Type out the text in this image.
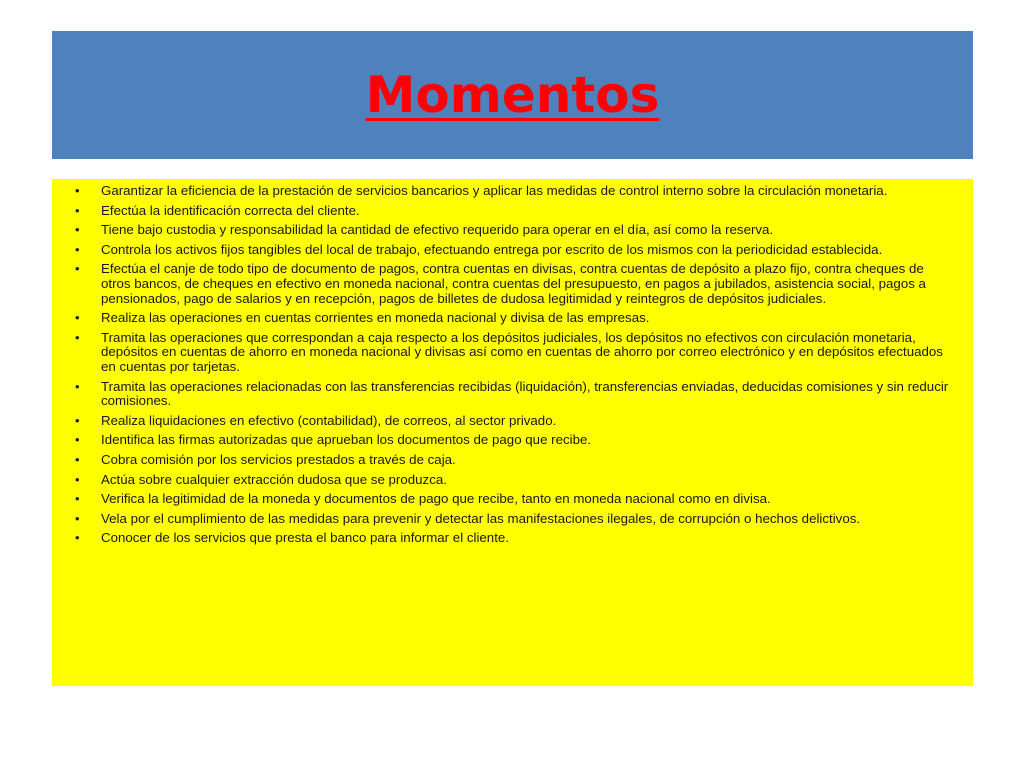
Momentos
• Garantizar la eficiencia de la prestación de servicios bancarios y aplicar las medidas de control interno sobre la circulación monetaria.
• Efectúa la identificación correcta del cliente.
• Tiene bajo custodia y responsabilidad la cantidad de efectivo requerido para operar en el día, así como la reserva.
• Controla los activos fijos tangibles del local de trabajo, efectuando entrega por escrito de los mismos con la periodicidad establecida.
• Efectúa el canje de todo tipo de documento de pagos, contra cuentas en divisas, contra cuentas de depósito a plazo fijo, contra cheques de otros bancos, de cheques en efectivo en moneda nacional, contra cuentas del presupuesto, en pagos a jubilados, asistencia social, pagos a pensionados, pago de salarios y en recepción, pagos de billetes de dudosa legitimidad y reintegros de depósitos judiciales.
• Realiza las operaciones en cuentas corrientes en moneda nacional y divisa de las empresas.
• Tramita las operaciones que correspondan a caja respecto a los depósitos judiciales, los depósitos no efectivos con circulación monetaria, depósitos en cuentas de ahorro en moneda nacional y divisas así como en cuentas de ahorro por correo electrónico y en depósitos efectuados en cuentas por tarjetas.
• Tramita las operaciones relacionadas con las transferencias recibidas (liquidación), transferencias enviadas, deducidas comisiones y sin reducir comisiones.
• Realiza liquidaciones en efectivo (contabilidad), de correos, al sector privado.
• Identifica las firmas autorizadas que aprueban los documentos de pago que recibe.
• Cobra comisión por los servicios prestados a través de caja.
• Actúa sobre cualquier extracción dudosa que se produzca.
• Verifica la legitimidad de la moneda y documentos de pago que recibe, tanto en moneda nacional como en divisa.
• Vela por el cumplimiento de las medidas para prevenir y detectar las manifestaciones ilegales, de corrupción o hechos delictivos.
• Conocer de los servicios que presta el banco para informar el cliente.
